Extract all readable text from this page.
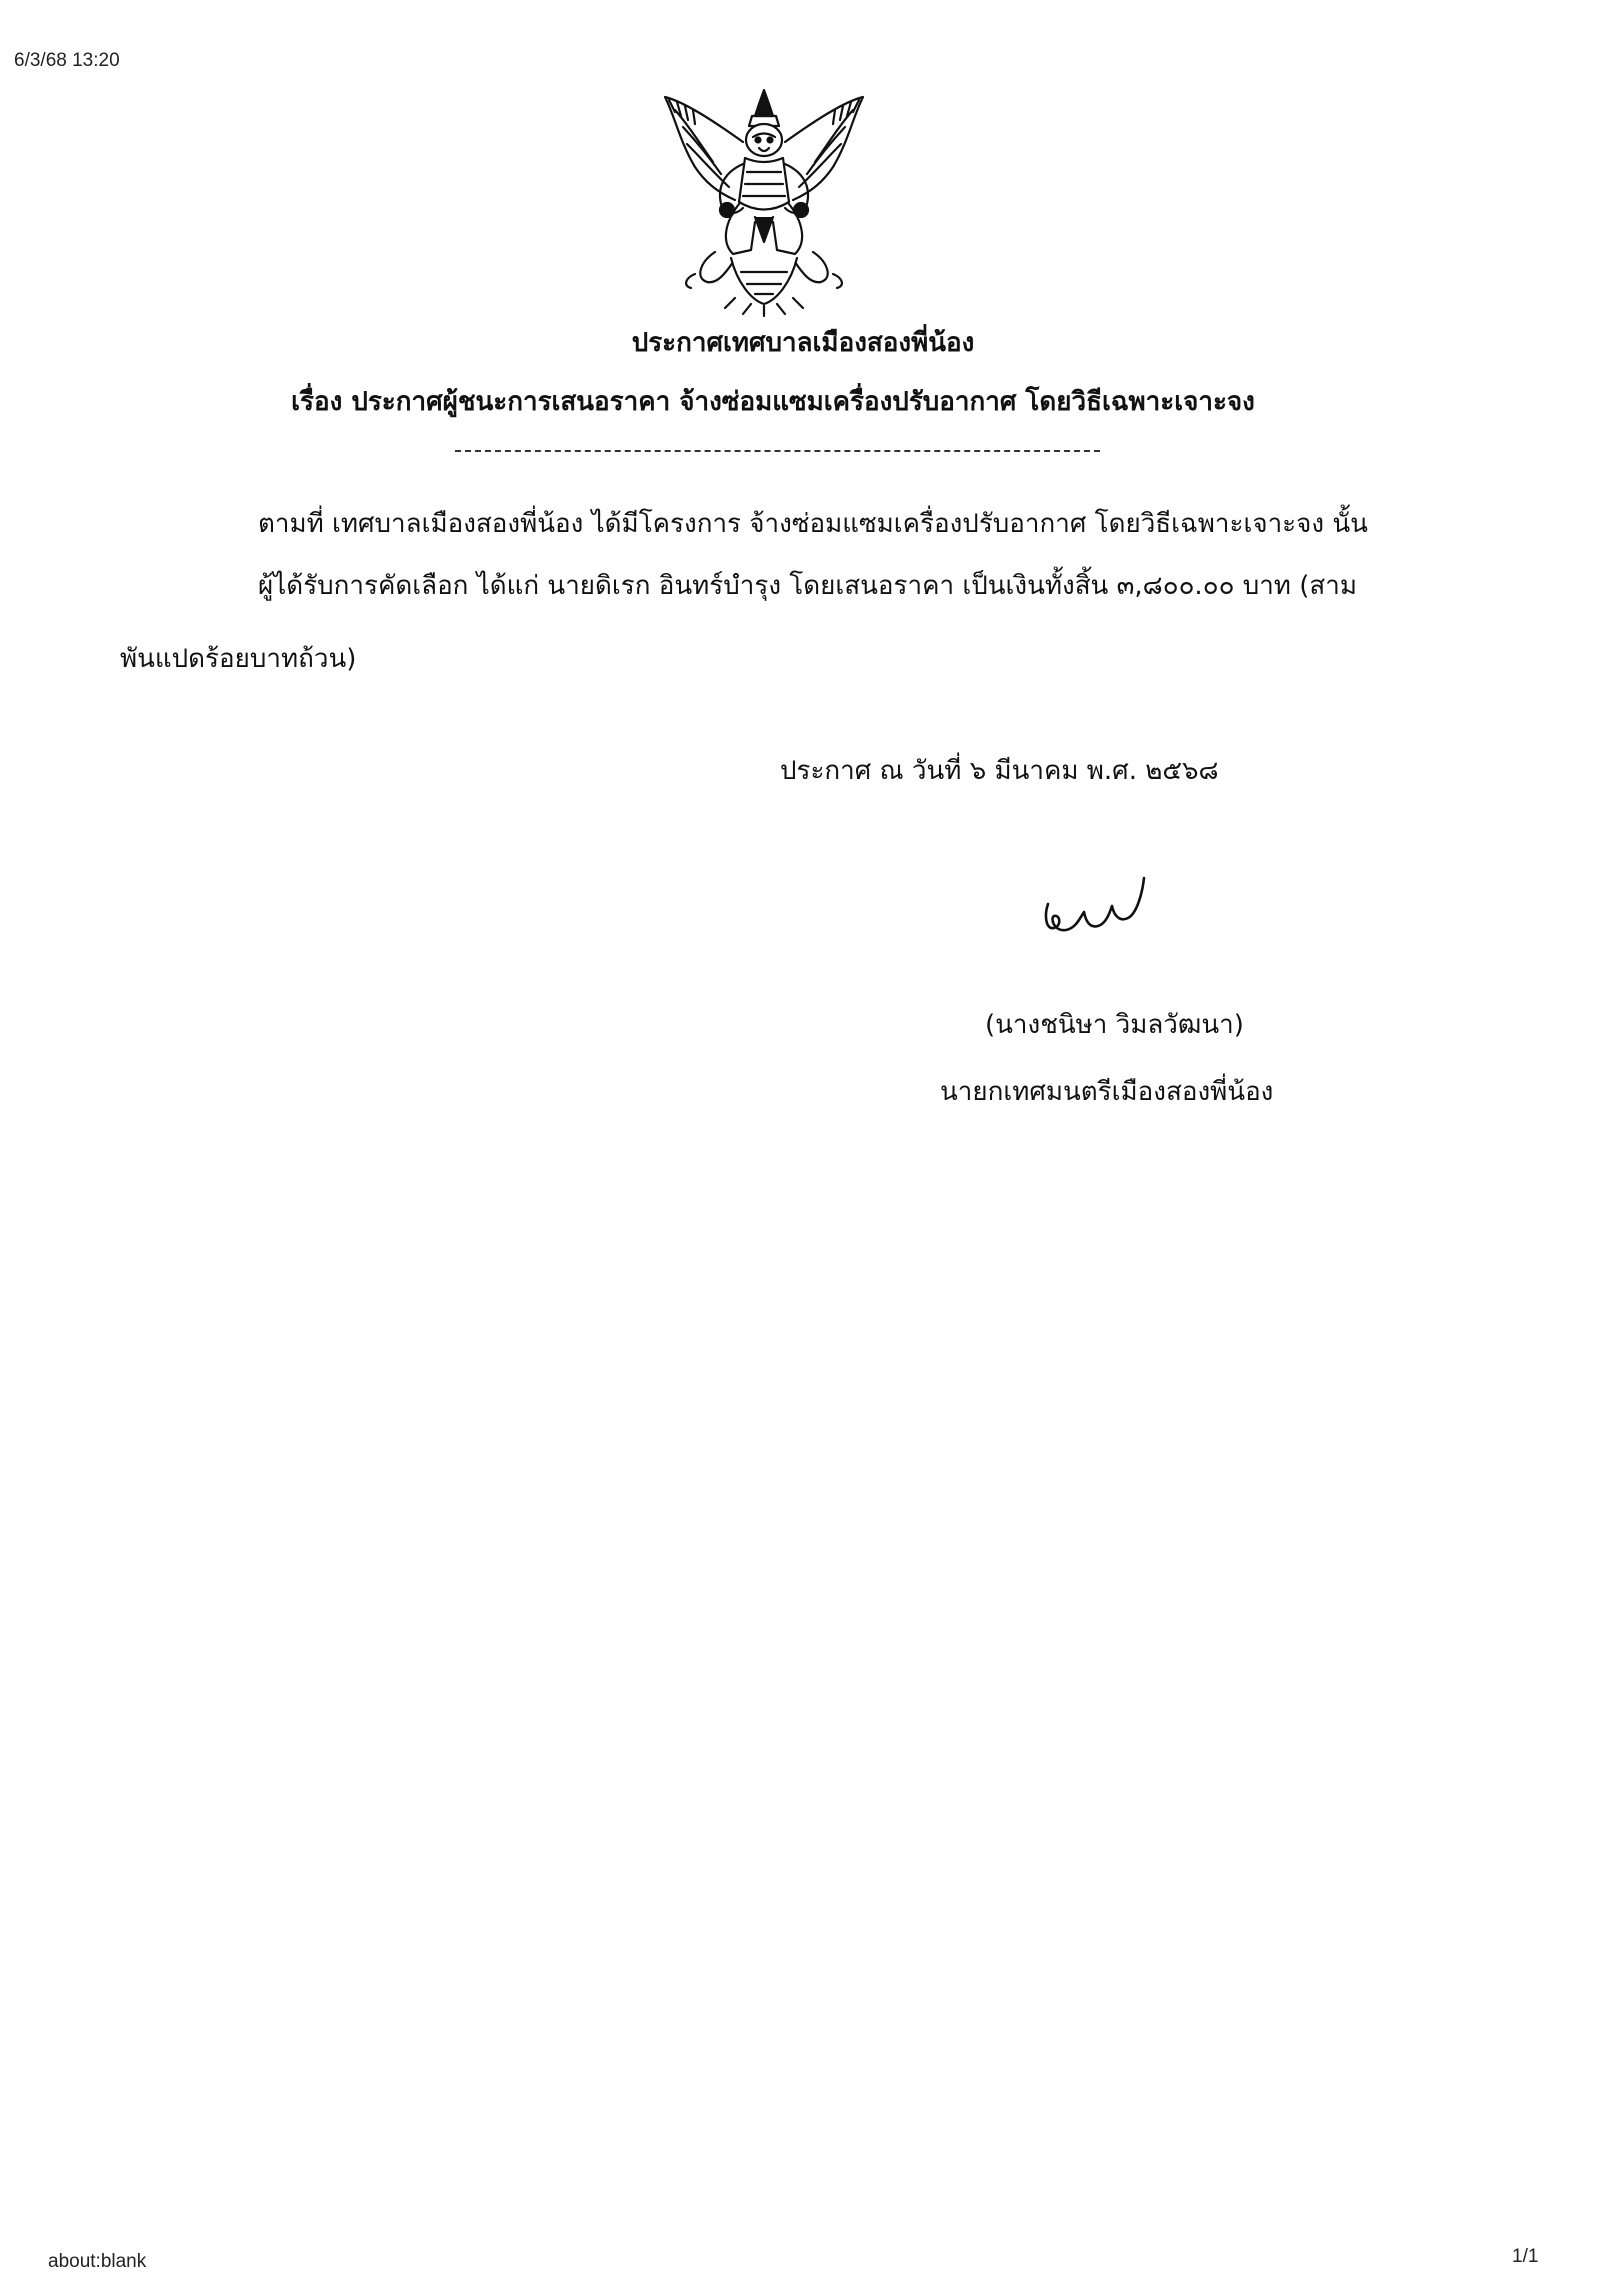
6/3/68 13:20
ประกาศเทศบาลเมืองสองพี่น้อง
เรื่อง ประกาศผู้ชนะการเสนอราคา จ้างซ่อมแซมเครื่องปรับอากาศ โดยวิธีเฉพาะเจาะจง
ตามที่ เทศบาลเมืองสองพี่น้อง ได้มีโครงการ จ้างซ่อมแซมเครื่องปรับอากาศ โดยวิธีเฉพาะเจาะจง นั้น
ผู้ได้รับการคัดเลือก ได้แก่ นายดิเรก อินทร์บำรุง โดยเสนอราคา เป็นเงินทั้งสิ้น ๓,๘๐๐.๐๐ บาท (สาม
พันแปดร้อยบาทถ้วน)
ประกาศ ณ วันที่ ๖ มีนาคม พ.ศ. ๒๕๖๘
(นางชนิษา วิมลวัฒนา)
นายกเทศมนตรีเมืองสองพี่น้อง
about:blank	1/1
